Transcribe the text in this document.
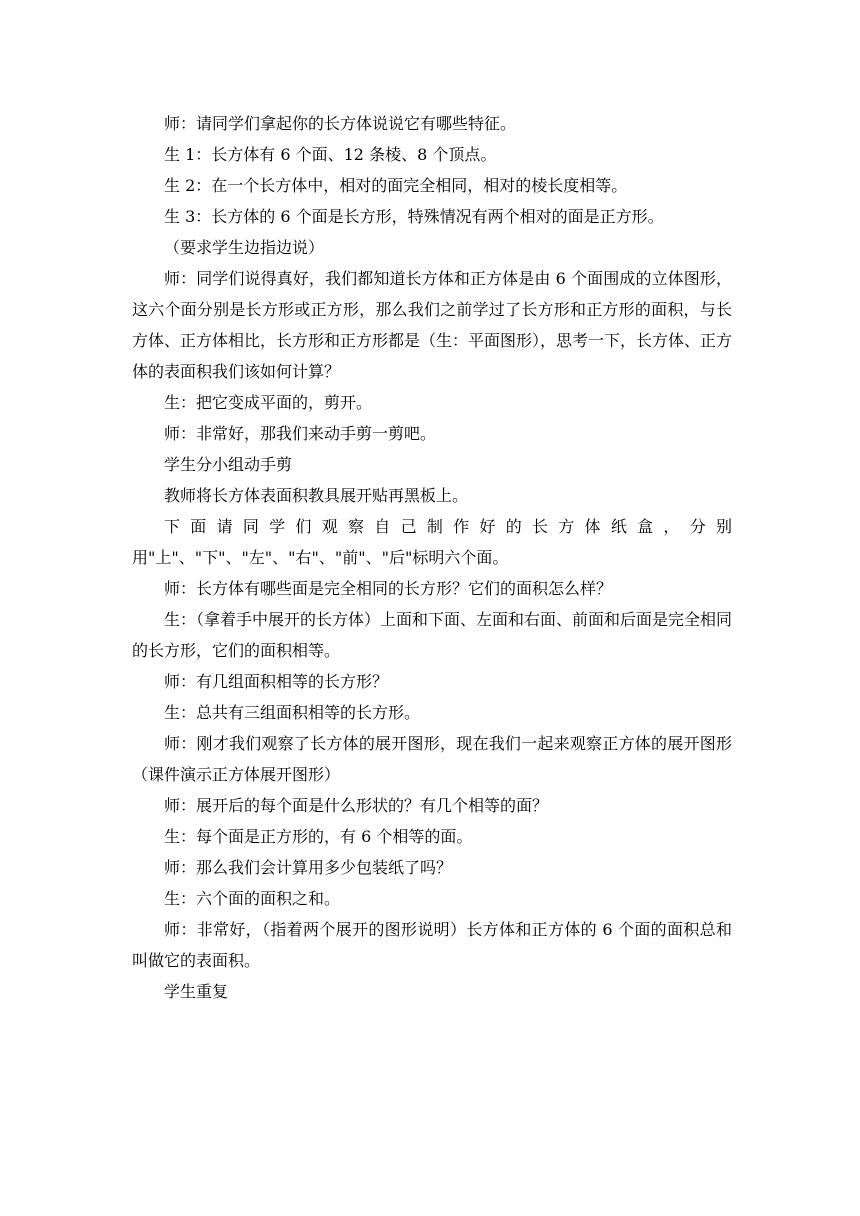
师：请同学们拿起你的长方体说说它有哪些特征。

生 1：长方体有 6 个面、12 条棱、8 个顶点。

生 2：在一个长方体中，相对的面完全相同，相对的棱长度相等。

生 3：长方体的 6 个面是长方形，特殊情况有两个相对的面是正方形。

（要求学生边指边说）

师：同学们说得真好，我们都知道长方体和正方体是由 6 个面围成的立体图形，这六个面分别是长方形或正方形，那么我们之前学过了长方形和正方形的面积，与长方体、正方体相比，长方形和正方形都是（生：平面图形），思考一下，长方体、正方体的表面积我们该如何计算？

生：把它变成平面的，剪开。

师：非常好，那我们来动手剪一剪吧。

学生分小组动手剪

教师将长方体表面积教具展开贴再黑板上。

下面请同学们观察自己制作好的长方体纸盒，分别用"上"、"下"、"左"、"右"、"前"、"后"标明六个面。

师：长方体有哪些面是完全相同的长方形？它们的面积怎么样？

生：（拿着手中展开的长方体）上面和下面、左面和右面、前面和后面是完全相同的长方形，它们的面积相等。

师：有几组面积相等的长方形？

生：总共有三组面积相等的长方形。

师：刚才我们观察了长方体的展开图形，现在我们一起来观察正方体的展开图形（课件演示正方体展开图形）

师：展开后的每个面是什么形状的？有几个相等的面？

生：每个面是正方形的，有 6 个相等的面。

师：那么我们会计算用多少包装纸了吗？

生：六个面的面积之和。

师：非常好，（指着两个展开的图形说明）长方体和正方体的 6 个面的面积总和叫做它的表面积。

学生重复
